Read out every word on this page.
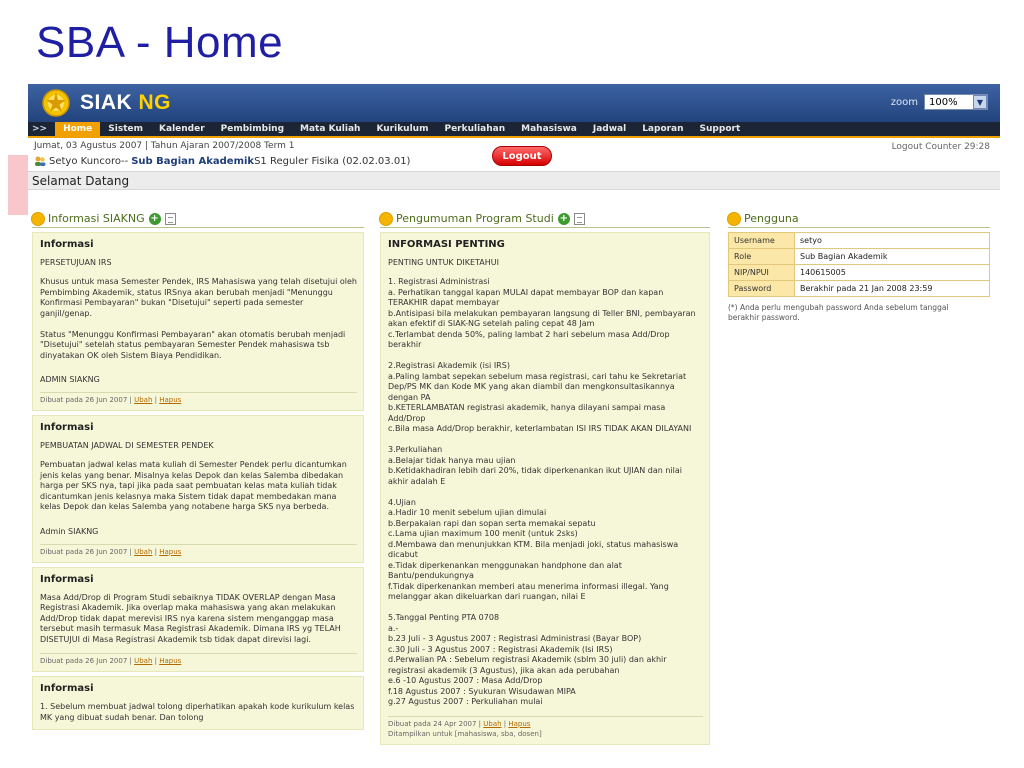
SBA - Home
SIAK NG	zoom 100%	▼
>>	Home	Sistem	Kalender	Pembimbing	Mata Kuliah	Kurikulum	Perkuliahan	Mahasiswa	Jadwal	Laporan	Support
Jumat, 03 Agustus 2007 | Tahun Ajaran 2007/2008 Term 1
Setyo Kuncoro -- Sub Bagian Akademik S1 Reguler Fisika (02.02.03.01)	Logout
Logout Counter 29:28
Selamat Datang
Informasi SIAKNG +
Informasi
PERSETUJUAN IRS
Khusus untuk masa Semester Pendek, IRS Mahasiswa yang telah disetujui oleh Pembimbing Akademik, status IRSnya akan berubah menjadi "Menunggu Konfirmasi Pembayaran" bukan "Disetujui" seperti pada semester ganjil/genap.

Status "Menunggu Konfirmasi Pembayaran" akan otomatis berubah menjadi "Disetujui" setelah status pembayaran Semester Pendek mahasiswa tsb dinyatakan OK oleh Sistem Biaya Pendidikan.
ADMIN SIAKNG
Dibuat pada 26 Jun 2007 | Ubah | Hapus
Informasi
PEMBUATAN JADWAL DI SEMESTER PENDEK
Pembuatan jadwal kelas mata kuliah di Semester Pendek perlu dicantumkan jenis kelas yang benar. Misalnya kelas Depok dan kelas Salemba dibedakan harga per SKS nya, tapi jika pada saat pembuatan kelas mata kuliah tidak dicantumkan jenis kelasnya maka Sistem tidak dapat membedakan mana kelas Depok dan kelas Salemba yang notabene harga SKS nya berbeda.
Admin SIAKNG
Dibuat pada 26 Jun 2007 | Ubah | Hapus
Informasi
Masa Add/Drop di Program Studi sebaiknya TIDAK OVERLAP dengan Masa Registrasi Akademik. Jika overlap maka mahasiswa yang akan melakukan Add/Drop tidak dapat merevisi IRS nya karena sistem menganggap masa tersebut masih termasuk Masa Registrasi Akademik. Dimana IRS yg TELAH DISETUJUI di Masa Registrasi Akademik tsb tidak dapat direvisi lagi.
Dibuat pada 26 Jun 2007 | Ubah | Hapus
Informasi
1. Sebelum membuat jadwal tolong diperhatikan apakah kode kurikulum kelas MK yang dibuat sudah benar. Dan tolong
Pengumuman Program Studi +
INFORMASI PENTING
PENTING UNTUK DIKETAHUI
1. Registrasi Administrasi
a. Perhatikan tanggal kapan MULAI dapat membayar BOP dan kapan TERAKHIR dapat membayar
b.Antisipasi bila melakukan pembayaran langsung di Teller BNI, pembayaran akan efektif di SIAK-NG setelah paling cepat 48 Jam
c.Terlambat denda 50%, paling lambat 2 hari sebelum masa Add/Drop berakhir

2.Registrasi Akademik (isi IRS)
a.Paling lambat sepekan sebelum masa registrasi, cari tahu ke Sekretariat Dep/PS MK dan Kode MK yang akan diambil dan mengkonsultasikannya dengan PA
b.KETERLAMBATAN registrasi akademik, hanya dilayani sampai masa Add/Drop
c.Bila masa Add/Drop berakhir, keterlambatan ISI IRS TIDAK AKAN DILAYANI

3.Perkuliahan
a.Belajar tidak hanya mau ujian
b.Ketidakhadiran lebih dari 20%, tidak diperkenankan ikut UJIAN dan nilai akhir adalah E

4.Ujian
a.Hadir 10 menit sebelum ujian dimulai
b.Berpakaian rapi dan sopan serta memakai sepatu
c.Lama ujian maximum 100 menit (untuk 2sks)
d.Membawa dan menunjukkan KTM. Bila menjadi joki, status mahasiswa dicabut
e.Tidak diperkenankan menggunakan handphone dan alat Bantu/pendukungnya
f.Tidak diperkenankan memberi atau menerima informasi illegal. Yang melanggar akan dikeluarkan dari ruangan, nilai E

5.Tanggal Penting PTA 0708
a.-
b.23 Juli - 3 Agustus 2007 : Registrasi Administrasi (Bayar BOP)
c.30 Juli - 3 Agustus 2007 : Registrasi Akademik (Isi IRS)
d.Perwalian PA : Sebelum registrasi Akademik (sblm 30 juli) dan akhir registrasi akademik (3 Agustus), jika akan ada perubahan
e.6 -10 Agustus 2007 : Masa Add/Drop
f.18 Agustus 2007 : Syukuran Wisudawan MIPA
g.27 Agustus 2007 : Perkuliahan mulai
Dibuat pada 24 Apr 2007 | Ubah | Hapus
Ditampilkan untuk [mahasiswa, sba, dosen]
Pengguna
Username	setyo
Role	Sub Bagian Akademik
NIP/NPUI	140615005
Password	Berakhir pada 21 Jan 2008 23:59
(*) Anda perlu mengubah password Anda sebelum tanggal berakhir password.
